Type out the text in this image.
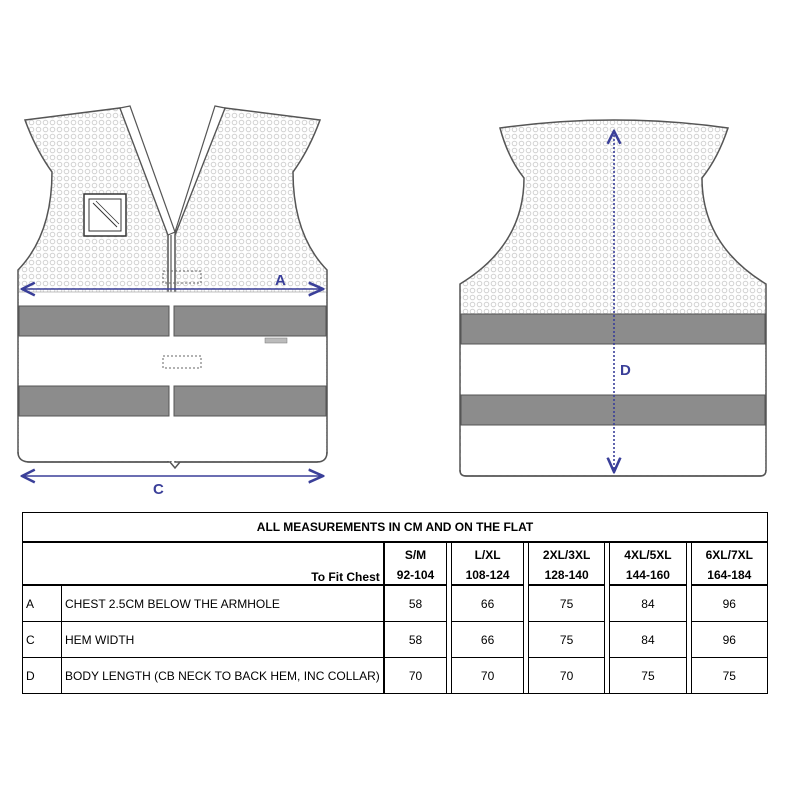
A
C
D
ALL MEASUREMENTS IN CM AND ON THE FLAT										
To Fit Chest		S/M		L/XL		2XL/3XL		4XL/5XL		6XL/7XL
		92-104		108-124		128-140		144-160		164-184
A	CHEST 2.5CM BELOW THE ARMHOLE	58		66		75		84		96
C	HEM WIDTH	58		66		75		84		96
D	BODY LENGTH (CB NECK TO BACK HEM, INC COLLAR)	70		70		70		75		75
